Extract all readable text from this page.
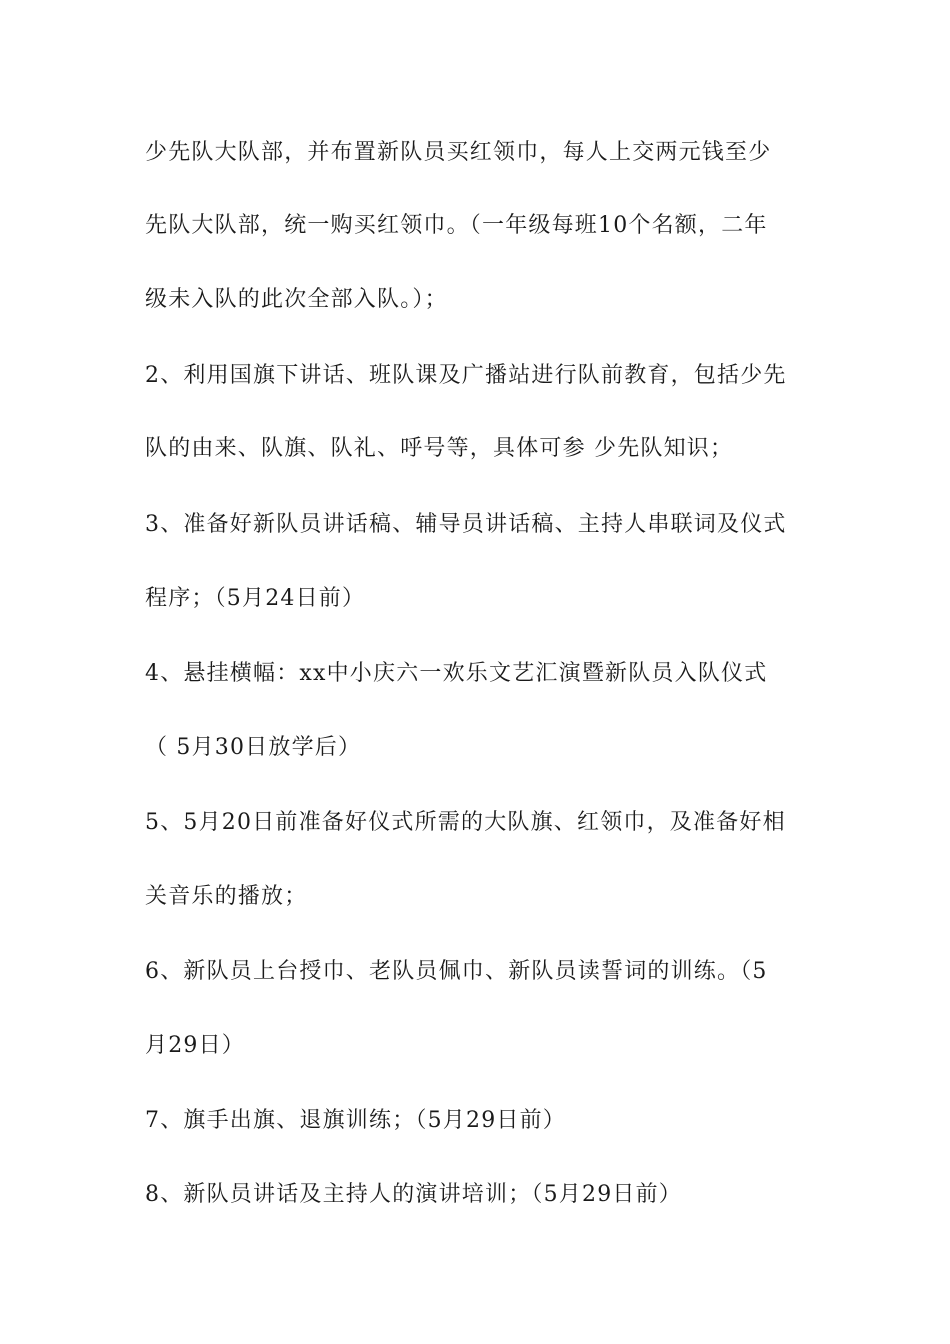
少先队大队部，并布置新队员买红领巾，每人上交两元钱至少
先队大队部，统一购买红领巾。（一年级每班10个名额，二年
级未入队的此次全部入队。）；
2、利用国旗下讲话、班队课及广播站进行队前教育，包括少先
队的由来、队旗、队礼、呼号等，具体可参 少先队知识；
3、准备好新队员讲话稿、辅导员讲话稿、主持人串联词及仪式
程序；（5月24日前）
4、悬挂横幅：xx中小庆六一欢乐文艺汇演暨新队员入队仪式
（ 5月30日放学后）
5、5月20日前准备好仪式所需的大队旗、红领巾，及准备好相
关音乐的播放；
6、新队员上台授巾、老队员佩巾、新队员读誓词的训练。（5
月29日）
7、旗手出旗、退旗训练；（5月29日前）
8、新队员讲话及主持人的演讲培训；（5月29日前）
